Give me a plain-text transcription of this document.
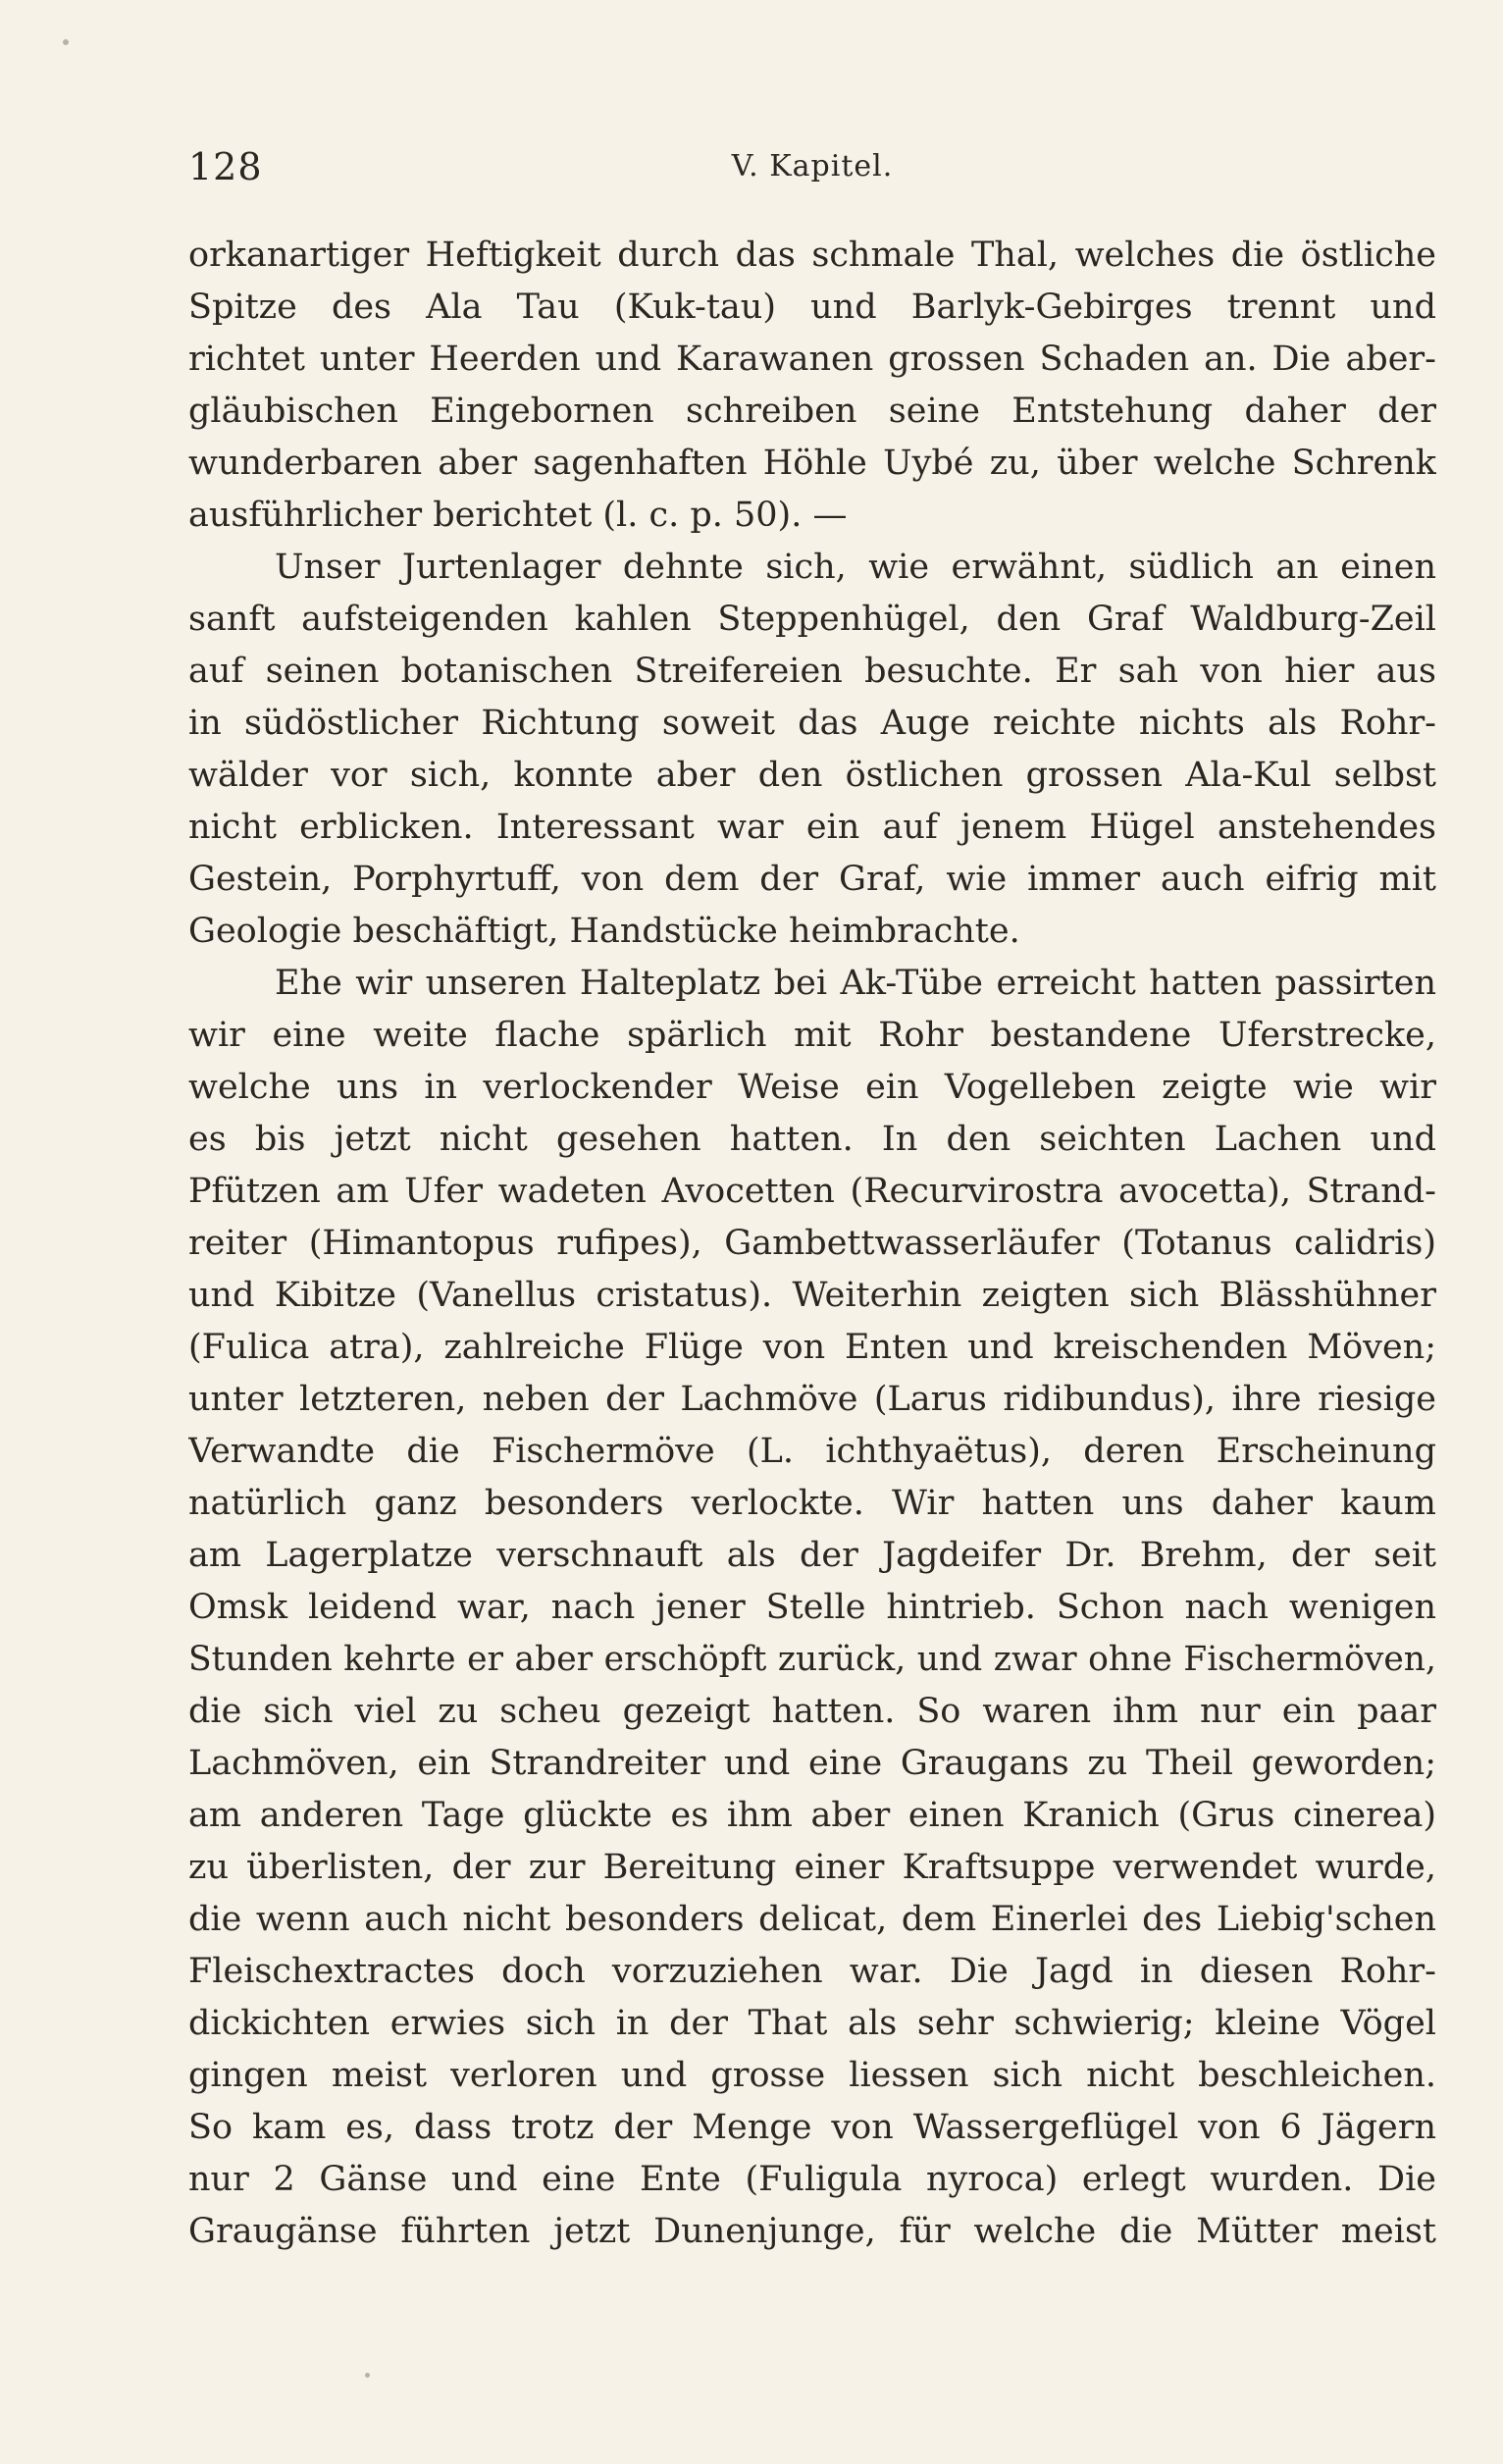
128	V. Kapitel.
orkanartiger Heftigkeit durch das schmale Thal, welches die östliche
Spitze des Ala Tau (Kuk-tau) und Barlyk-Gebirges trennt und
richtet unter Heerden und Karawanen grossen Schaden an. Die aber-
gläubischen Eingebornen schreiben seine Entstehung daher der
wunderbaren aber sagenhaften Höhle Uybé zu, über welche Schrenk
ausführlicher berichtet (l. c. p. 50). —
Unser Jurtenlager dehnte sich, wie erwähnt, südlich an einen
sanft aufsteigenden kahlen Steppenhügel, den Graf Waldburg-Zeil
auf seinen botanischen Streifereien besuchte. Er sah von hier aus
in südöstlicher Richtung soweit das Auge reichte nichts als Rohr-
wälder vor sich, konnte aber den östlichen grossen Ala-Kul selbst
nicht erblicken. Interessant war ein auf jenem Hügel anstehendes
Gestein, Porphyrtuff, von dem der Graf, wie immer auch eifrig mit
Geologie beschäftigt, Handstücke heimbrachte.
Ehe wir unseren Halteplatz bei Ak-Tübe erreicht hatten passirten
wir eine weite flache spärlich mit Rohr bestandene Uferstrecke,
welche uns in verlockender Weise ein Vogelleben zeigte wie wir
es bis jetzt nicht gesehen hatten. In den seichten Lachen und
Pfützen am Ufer wadeten Avocetten (Recurvirostra avocetta), Strand-
reiter (Himantopus rufipes), Gambettwasserläufer (Totanus calidris)
und Kibitze (Vanellus cristatus). Weiterhin zeigten sich Blässhühner
(Fulica atra), zahlreiche Flüge von Enten und kreischenden Möven;
unter letzteren, neben der Lachmöve (Larus ridibundus), ihre riesige
Verwandte die Fischermöve (L. ichthyaëtus), deren Erscheinung
natürlich ganz besonders verlockte. Wir hatten uns daher kaum
am Lagerplatze verschnauft als der Jagdeifer Dr. Brehm, der seit
Omsk leidend war, nach jener Stelle hintrieb. Schon nach wenigen
Stunden kehrte er aber erschöpft zurück, und zwar ohne Fischermöven,
die sich viel zu scheu gezeigt hatten. So waren ihm nur ein paar
Lachmöven, ein Strandreiter und eine Graugans zu Theil geworden;
am anderen Tage glückte es ihm aber einen Kranich (Grus cinerea)
zu überlisten, der zur Bereitung einer Kraftsuppe verwendet wurde,
die wenn auch nicht besonders delicat, dem Einerlei des Liebig'schen
Fleischextractes doch vorzuziehen war. Die Jagd in diesen Rohr-
dickichten erwies sich in der That als sehr schwierig; kleine Vögel
gingen meist verloren und grosse liessen sich nicht beschleichen.
So kam es, dass trotz der Menge von Wassergeflügel von 6 Jägern
nur 2 Gänse und eine Ente (Fuligula nyroca) erlegt wurden. Die
Graugänse führten jetzt Dunenjunge, für welche die Mütter meist
